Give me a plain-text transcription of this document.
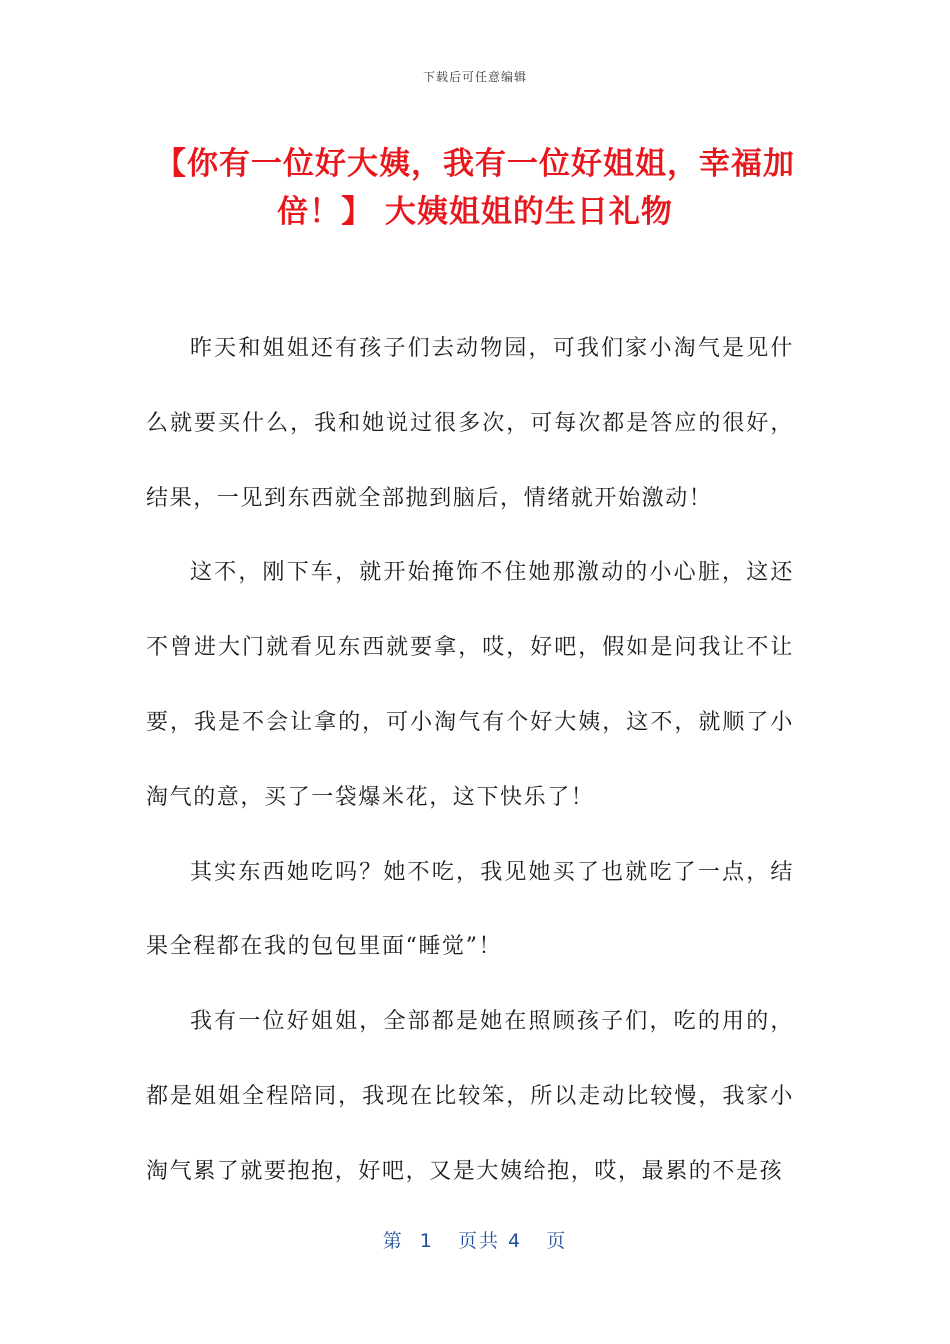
下载后可任意编辑
【你有一位好大姨，我有一位好姐姐，幸福加倍！】 大姨姐姐的生日礼物

昨天和姐姐还有孩子们去动物园，可我们家小淘气是见什么就要买什么，我和她说过很多次，可每次都是答应的很好，结果，一见到东西就全部抛到脑后，情绪就开始激动！

这不，刚下车，就开始掩饰不住她那激动的小心脏，这还不曾进大门就看见东西就要拿，哎，好吧，假如是问我让不让要，我是不会让拿的，可小淘气有个好大姨，这不，就顺了小淘气的意，买了一袋爆米花，这下快乐了！

其实东西她吃吗？她不吃，我见她买了也就吃了一点，结果全程都在我的包包里面“睡觉”！

我有一位好姐姐，全部都是她在照顾孩子们，吃的用的，都是姐姐全程陪同，我现在比较笨，所以走动比较慢，我家小淘气累了就要抱抱，好吧，又是大姨给抱，哎，最累的不是孩

第  1   页共 4   页
